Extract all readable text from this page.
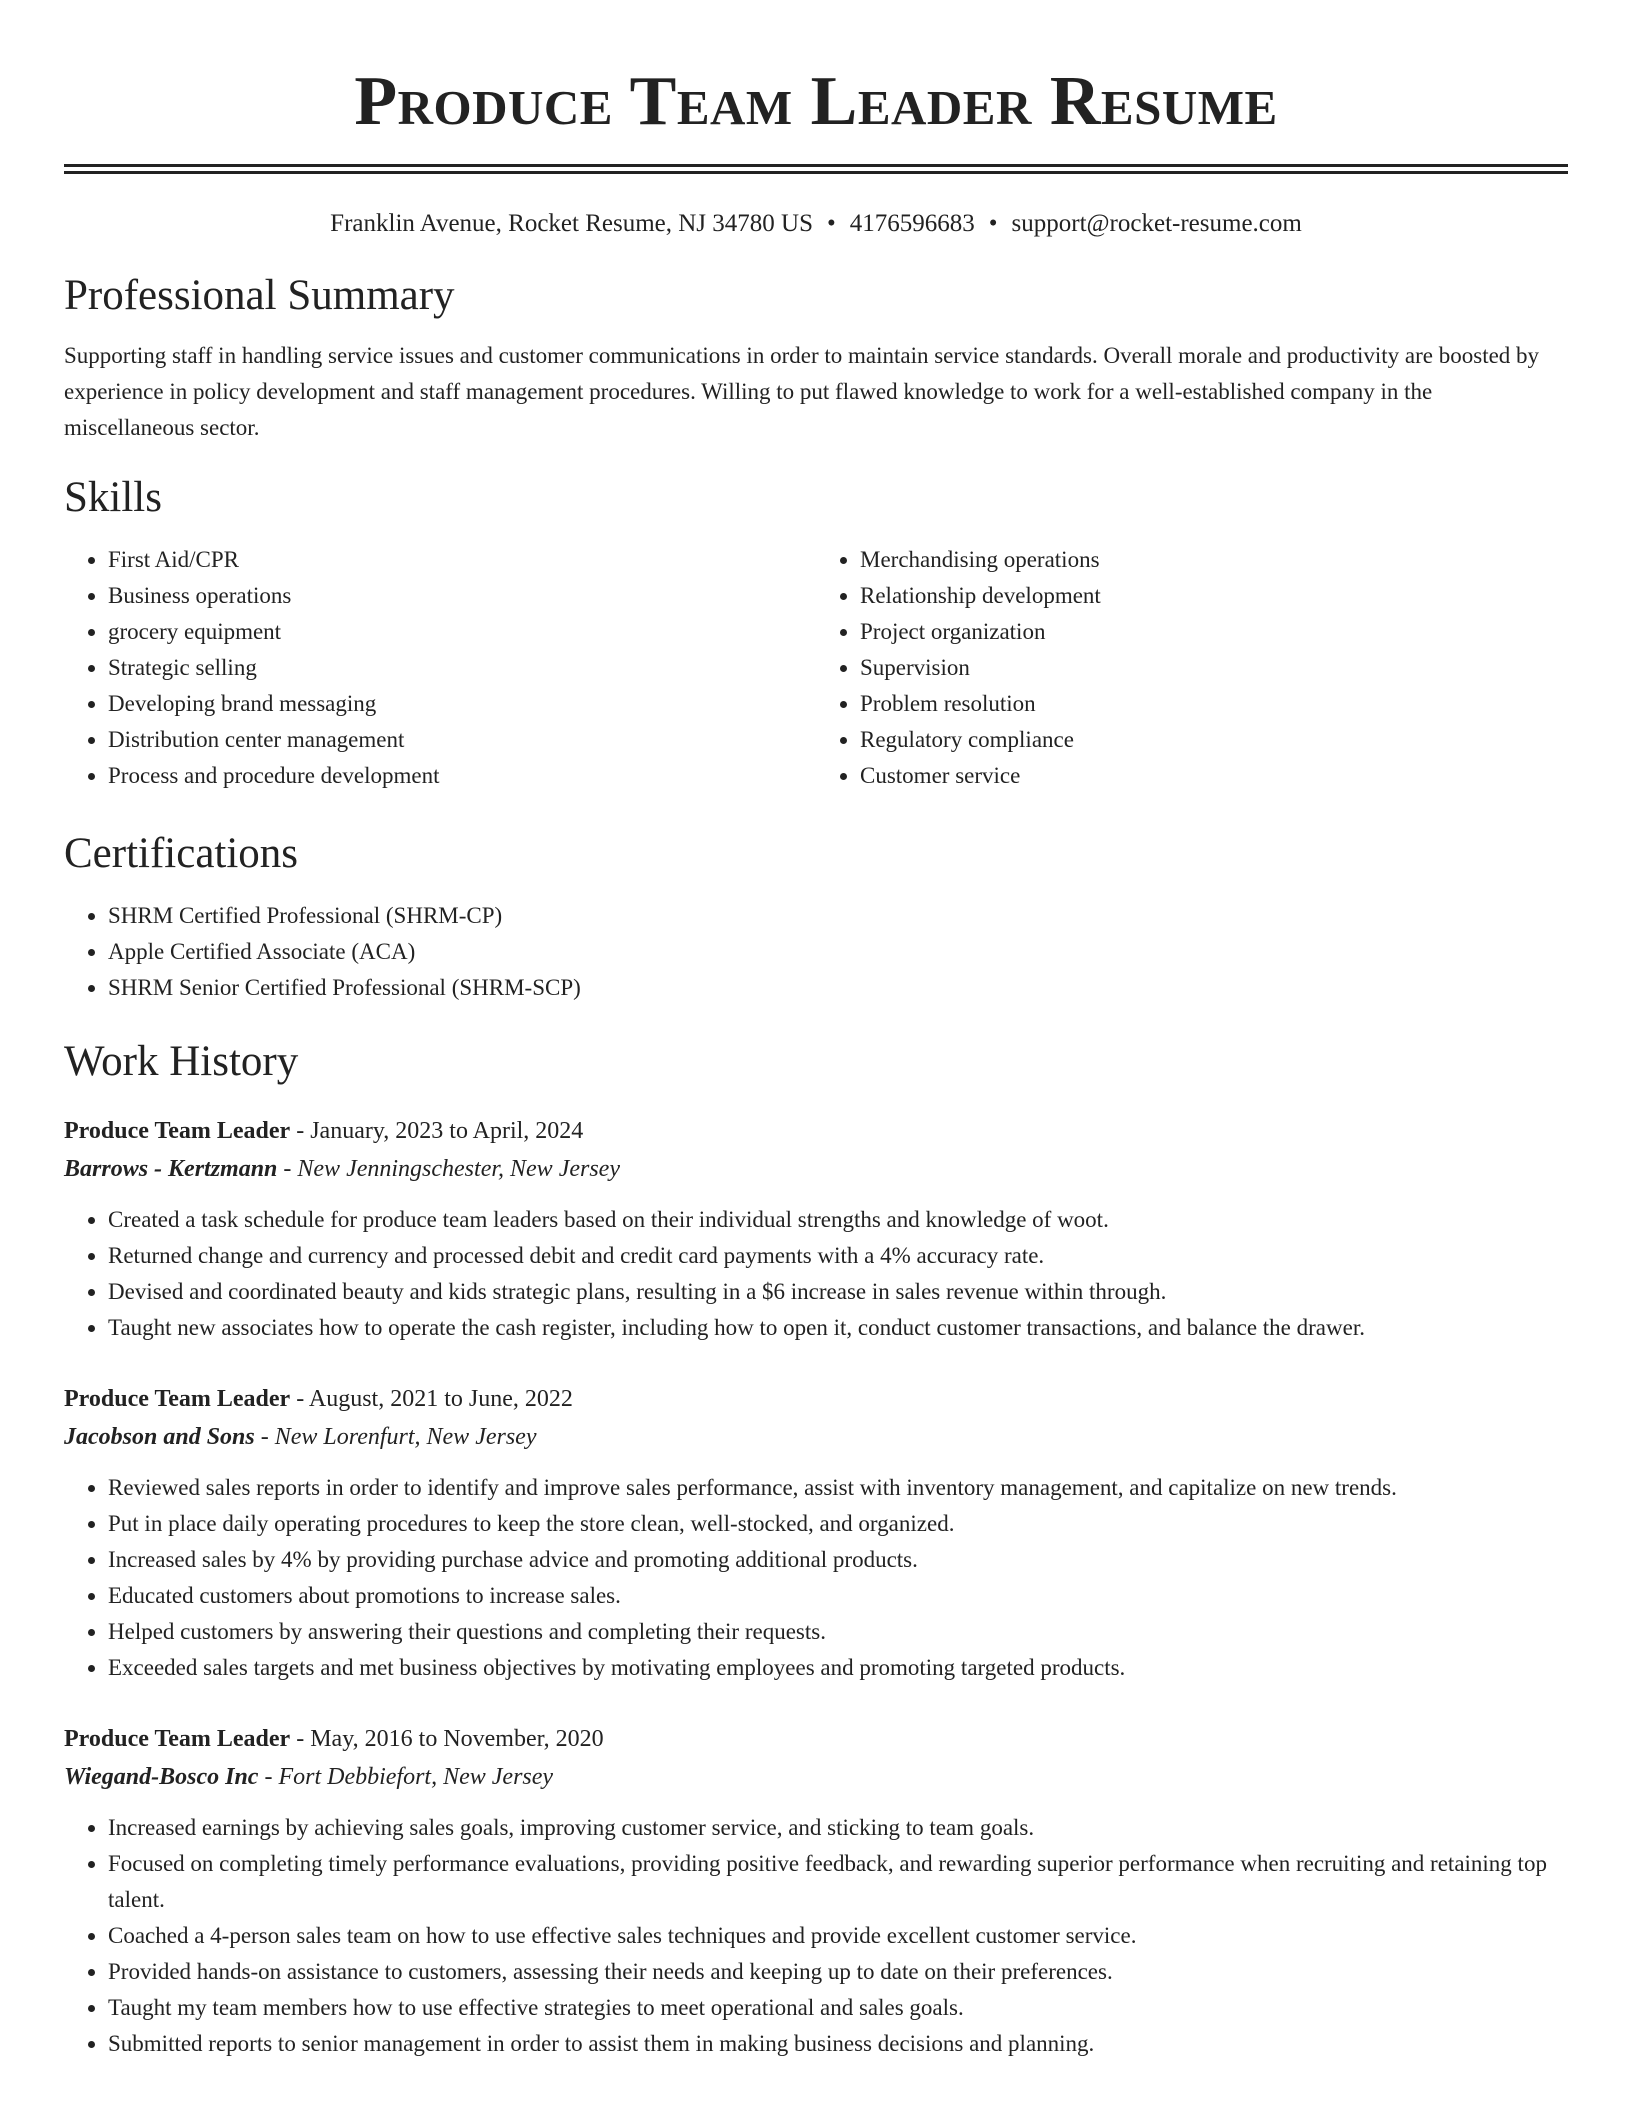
Produce Team Leader Resume
Franklin Avenue, Rocket Resume, NJ 34780 US • 4176596683 • support@rocket-resume.com
Professional Summary

Supporting staff in handling service issues and customer communications in order to maintain service standards. Overall morale and productivity are boosted by experience in policy development and staff management procedures. Willing to put flawed knowledge to work for a well-established company in the miscellaneous sector.

Skills
• First Aid/CPR
• Business operations
• grocery equipment
• Strategic selling
• Developing brand messaging
• Distribution center management
• Process and procedure development
• Merchandising operations
• Relationship development
• Project organization
• Supervision
• Problem resolution
• Regulatory compliance
• Customer service
Certifications
• SHRM Certified Professional (SHRM-CP)
• Apple Certified Associate (ACA)
• SHRM Senior Certified Professional (SHRM-SCP)
Work History
Produce Team Leader - January, 2023 to April, 2024
Barrows - Kertzmann - New Jenningschester, New Jersey
• Created a task schedule for produce team leaders based on their individual strengths and knowledge of woot.
• Returned change and currency and processed debit and credit card payments with a 4% accuracy rate.
• Devised and coordinated beauty and kids strategic plans, resulting in a $6 increase in sales revenue within through.
• Taught new associates how to operate the cash register, including how to open it, conduct customer transactions, and balance the drawer.
Produce Team Leader - August, 2021 to June, 2022
Jacobson and Sons - New Lorenfurt, New Jersey
• Reviewed sales reports in order to identify and improve sales performance, assist with inventory management, and capitalize on new trends.
• Put in place daily operating procedures to keep the store clean, well-stocked, and organized.
• Increased sales by 4% by providing purchase advice and promoting additional products.
• Educated customers about promotions to increase sales.
• Helped customers by answering their questions and completing their requests.
• Exceeded sales targets and met business objectives by motivating employees and promoting targeted products.
Produce Team Leader - May, 2016 to November, 2020
Wiegand-Bosco Inc - Fort Debbiefort, New Jersey
• Increased earnings by achieving sales goals, improving customer service, and sticking to team goals.
• Focused on completing timely performance evaluations, providing positive feedback, and rewarding superior performance when recruiting and retaining top talent.
• Coached a 4-person sales team on how to use effective sales techniques and provide excellent customer service.
• Provided hands-on assistance to customers, assessing their needs and keeping up to date on their preferences.
• Taught my team members how to use effective strategies to meet operational and sales goals.
• Submitted reports to senior management in order to assist them in making business decisions and planning.
